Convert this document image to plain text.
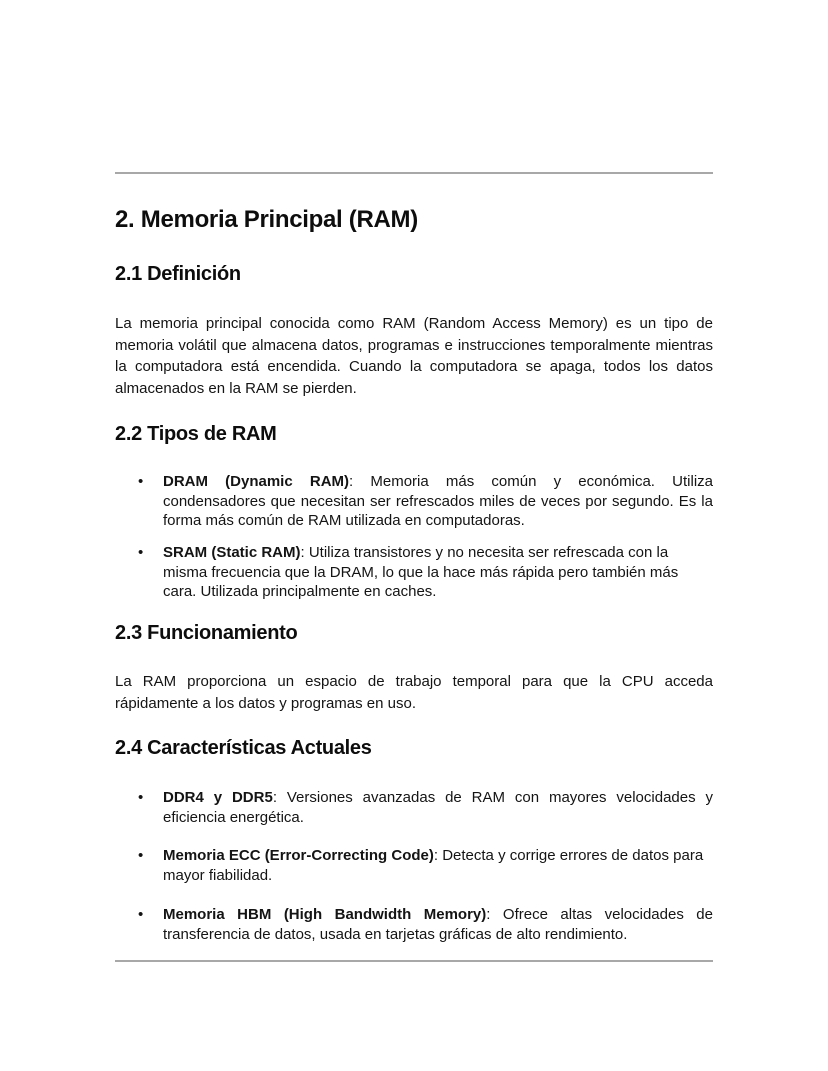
2. Memoria Principal (RAM)
2.1 Definición

La memoria principal conocida como RAM (Random Access Memory) es un tipo de memoria volátil que almacena datos, programas e instrucciones temporalmente mientras la computadora está encendida. Cuando la computadora se apaga, todos los datos almacenados en la RAM se pierden.

2.2 Tipos de RAM
• DRAM (Dynamic RAM): Memoria más común y económica. Utiliza condensadores que necesitan ser refrescados miles de veces por segundo. Es la forma más común de RAM utilizada en computadoras.
• SRAM (Static RAM): Utiliza transistores y no necesita ser refrescada con la misma frecuencia que la DRAM, lo que la hace más rápida pero también más cara. Utilizada principalmente en caches.
2.3 Funcionamiento

La RAM proporciona un espacio de trabajo temporal para que la CPU acceda rápidamente a los datos y programas en uso.

2.4 Características Actuales
• DDR4 y DDR5: Versiones avanzadas de RAM con mayores velocidades y eficiencia energética.
• Memoria ECC (Error-Correcting Code): Detecta y corrige errores de datos para mayor fiabilidad.
• Memoria HBM (High Bandwidth Memory): Ofrece altas velocidades de transferencia de datos, usada en tarjetas gráficas de alto rendimiento.
